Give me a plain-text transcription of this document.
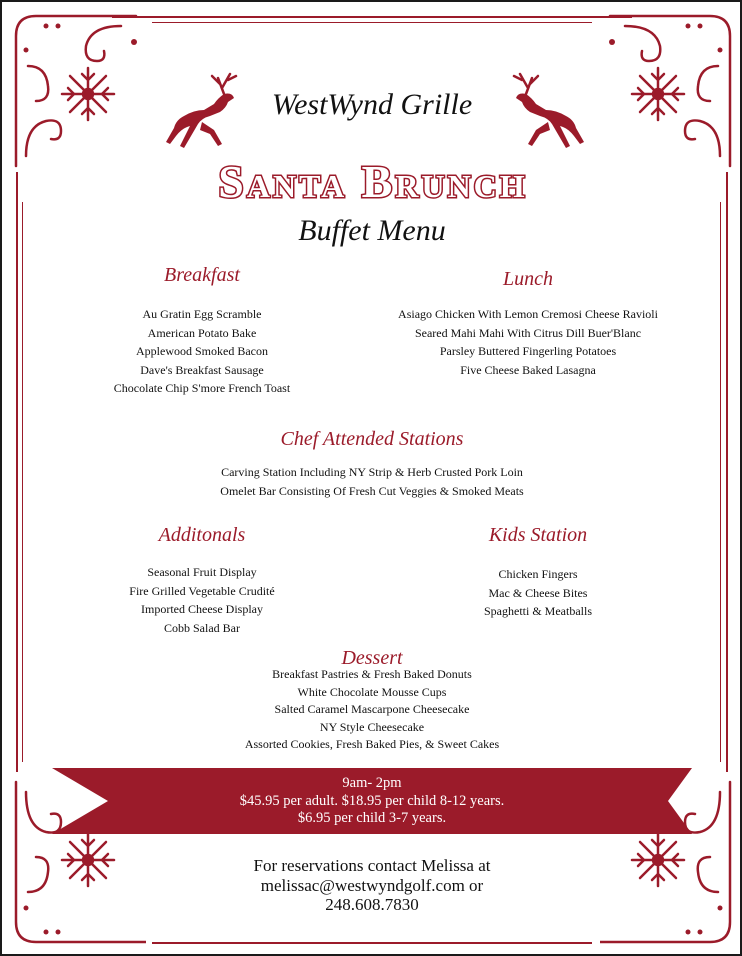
WestWynd Grille
Santa Brunch
Buffet Menu
Breakfast
Au Gratin Egg Scramble
American Potato Bake
Applewood Smoked Bacon
Dave's Breakfast Sausage
Chocolate Chip S'more French Toast
Lunch
Asiago Chicken With Lemon Cremosi Cheese Ravioli
Seared Mahi Mahi With Citrus Dill Buer'Blanc
Parsley Buttered Fingerling Potatoes
Five Cheese Baked Lasagna
Chef Attended Stations
Carving Station Including NY Strip & Herb Crusted Pork Loin
Omelet Bar Consisting Of Fresh Cut Veggies & Smoked Meats
Additonals
Seasonal Fruit Display
Fire Grilled Vegetable Crudité
Imported Cheese Display
Cobb Salad Bar
Kids Station
Chicken Fingers
Mac & Cheese Bites
Spaghetti & Meatballs
Dessert
Breakfast Pastries & Fresh Baked Donuts
White Chocolate Mousse Cups
Salted Caramel Mascarpone Cheesecake
NY Style Cheesecake
Assorted Cookies, Fresh Baked Pies, & Sweet Cakes
9am- 2pm
$45.95 per adult. $18.95 per child 8-12 years.
$6.95 per child 3-7 years.
For reservations contact Melissa at
melissac@westwyndgolf.com or
248.608.7830
